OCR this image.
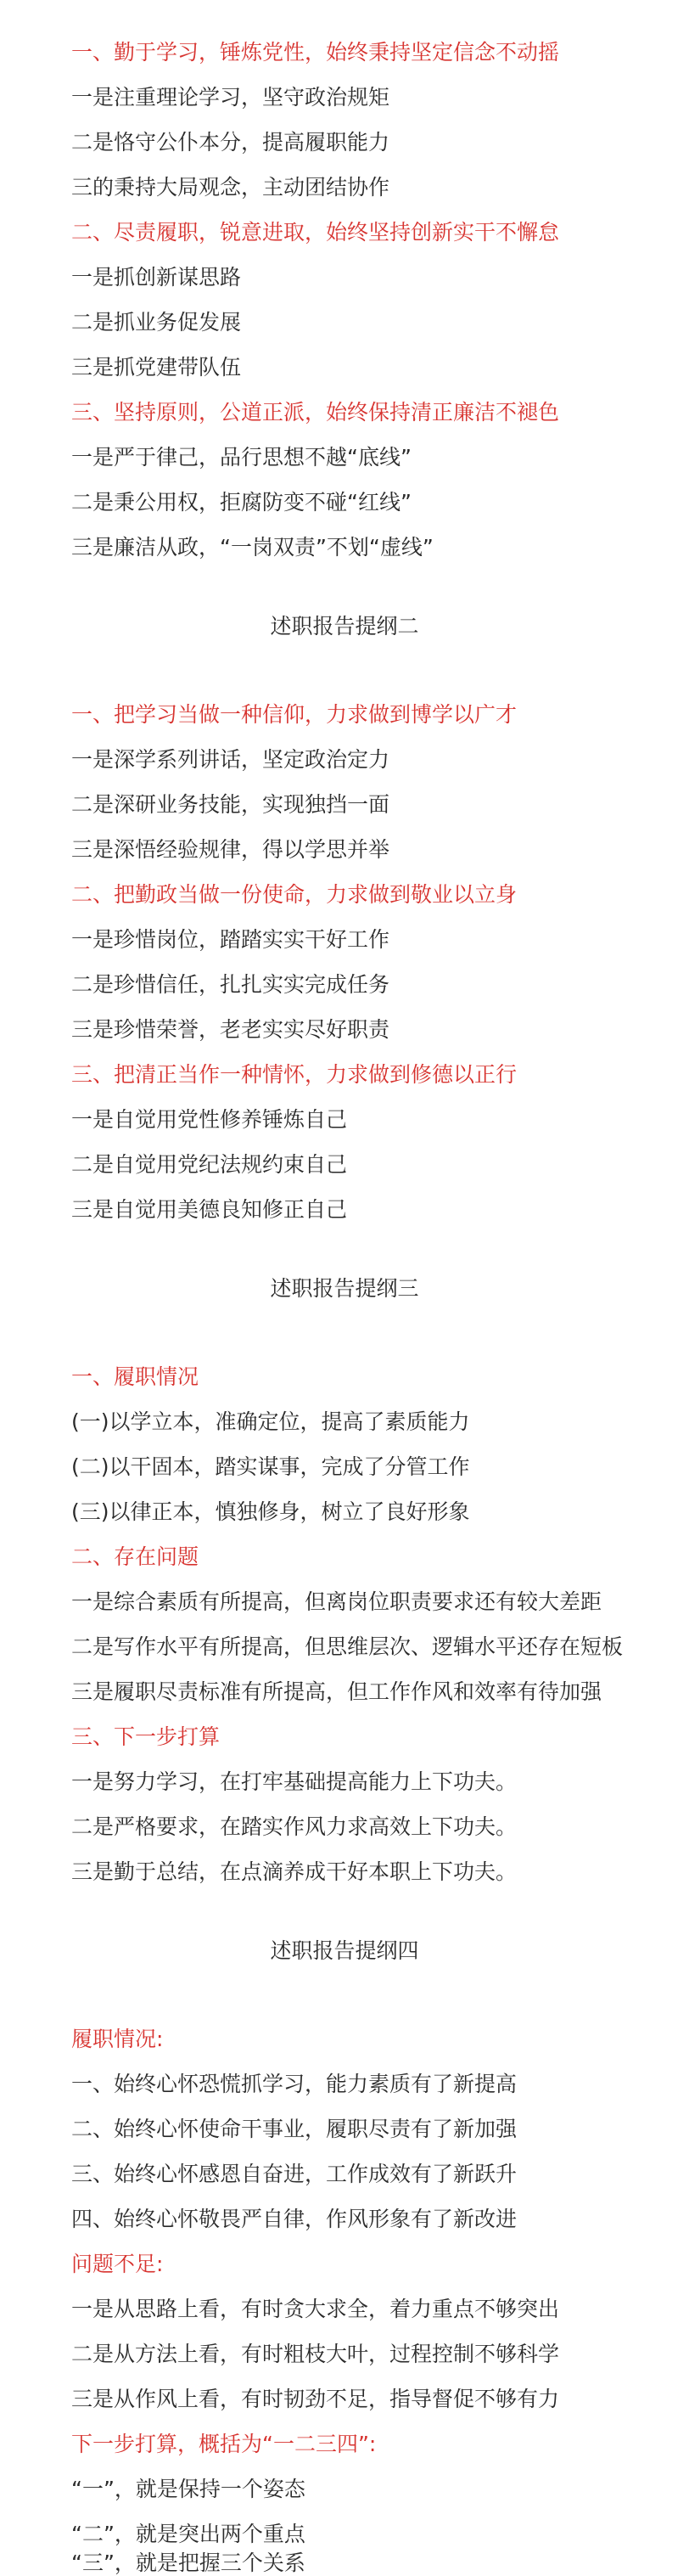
一、勤于学习，锤炼党性，始终秉持坚定信念不动摇
一是注重理论学习，坚守政治规矩
二是恪守公仆本分，提高履职能力
三的秉持大局观念，主动团结协作
二、尽责履职，锐意进取，始终坚持创新实干不懈怠
一是抓创新谋思路
二是抓业务促发展
三是抓党建带队伍
三、坚持原则，公道正派，始终保持清正廉洁不褪色
一是严于律己，品行思想不越“底线”
二是秉公用权，拒腐防变不碰“红线”
三是廉洁从政，“一岗双责”不划“虚线”
述职报告提纲二
一、把学习当做一种信仰，力求做到博学以广才
一是深学系列讲话，坚定政治定力
二是深研业务技能，实现独挡一面
三是深悟经验规律，得以学思并举
二、把勤政当做一份使命，力求做到敬业以立身
一是珍惜岗位，踏踏实实干好工作
二是珍惜信任，扎扎实实完成任务
三是珍惜荣誉，老老实实尽好职责
三、把清正当作一种情怀，力求做到修德以正行
一是自觉用党性修养锤炼自己
二是自觉用党纪法规约束自己
三是自觉用美德良知修正自己
述职报告提纲三
一、履职情况
(一)以学立本，准确定位，提高了素质能力
(二)以干固本，踏实谋事，完成了分管工作
(三)以律正本，慎独修身，树立了良好形象
二、存在问题
一是综合素质有所提高，但离岗位职责要求还有较大差距
二是写作水平有所提高，但思维层次、逻辑水平还存在短板
三是履职尽责标准有所提高，但工作作风和效率有待加强
三、下一步打算
一是努力学习，在打牢基础提高能力上下功夫。
二是严格要求，在踏实作风力求高效上下功夫。
三是勤于总结，在点滴养成干好本职上下功夫。
述职报告提纲四
履职情况:
一、始终心怀恐慌抓学习，能力素质有了新提高
二、始终心怀使命干事业，履职尽责有了新加强
三、始终心怀感恩自奋进，工作成效有了新跃升
四、始终心怀敬畏严自律，作风形象有了新改进
问题不足:
一是从思路上看，有时贪大求全，着力重点不够突出
二是从方法上看，有时粗枝大叶，过程控制不够科学
三是从作风上看，有时韧劲不足，指导督促不够有力
下一步打算，概括为“一二三四”:
“一”，就是保持一个姿态
“二”，就是突出两个重点
“三”，就是把握三个关系
